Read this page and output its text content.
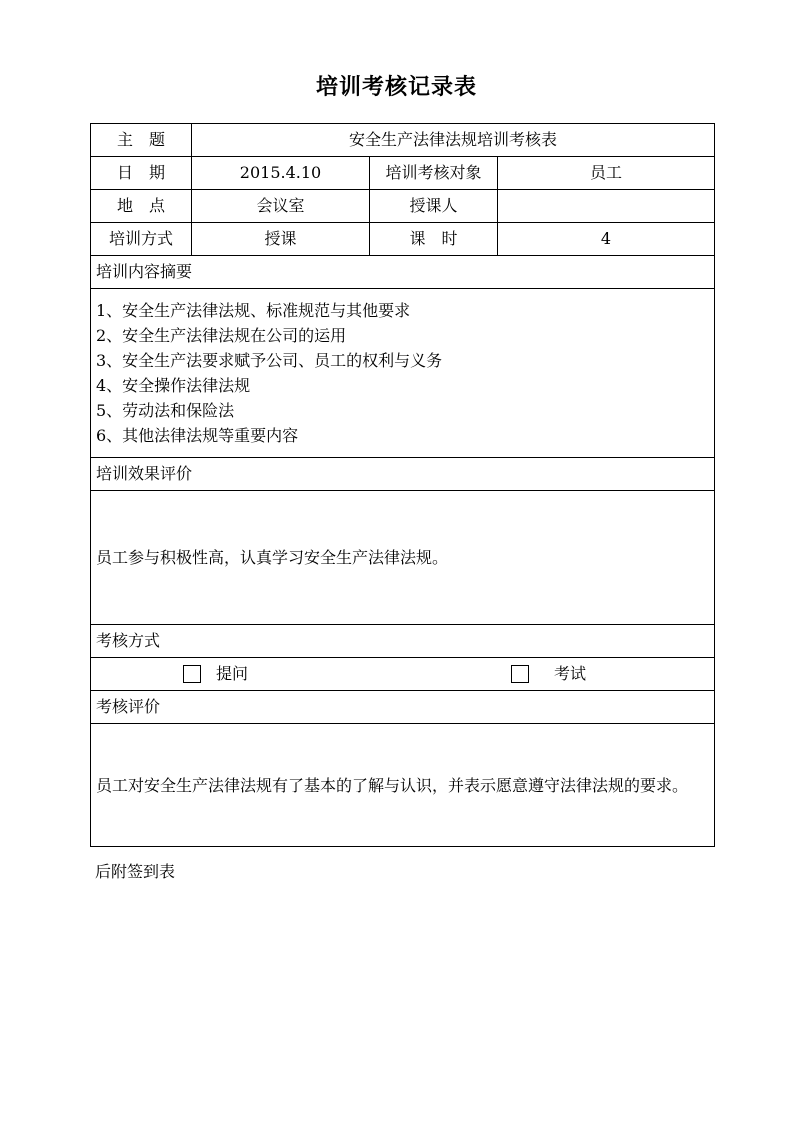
培训考核记录表
主　题	安全生产法律法规培训考核表		
日　期	2015.4.10	培训考核对象	员工
地　点	会议室	授课人	
培训方式	授课	课　时	4
培训内容摘要			

1、安全生产法律法规、标准规范与其他要求
2、安全生产法律法规在公司的运用
3、安全生产法要求赋予公司、员工的权利与义务
4、安全操作法律法规
5、劳动法和保险法
6、其他法律法规等重要内容

培训效果评价			

员工参与积极性高，认真学习安全生产法律法规。			

考核方式			

提问 考试			

考核评价			

员工对安全生产法律法规有了基本的了解与认识，并表示愿意遵守法律法规的要求。			
后附签到表
